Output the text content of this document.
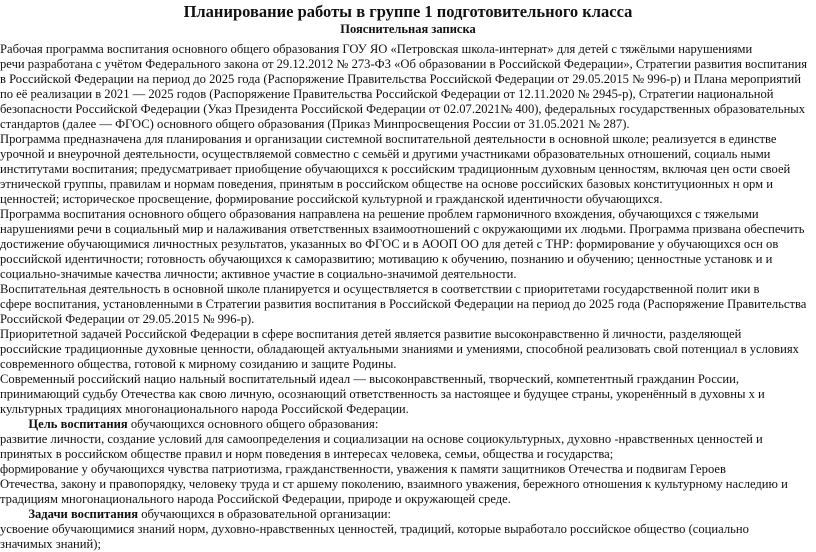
Планирование работы в группе 1 подготовительного класса
Пояснительная записка
Рабочая программа воспитания основного общего образования ГОУ ЯО «Петровская школа-интернат» для детей с тяжёлыми нарушениями
речи разработана с учётом Федерального закона от 29.12.2012 № 273-ФЗ «Об образовании в Российской Федерации», Стратегии развития воспитания
в Российской Федерации на период до 2025 года (Распоряжение Правительства Российской Федерации от 29.05.2015 № 996-р) и Плана мероприятий
по её реализации в 2021 — 2025 годов (Распоряжение Правительства Российской Федерации от 12.11.2020 № 2945-р), Стратегии национальной
безопасности Российской Федерации (Указ Президента Российской Федерации от 02.07.2021№ 400), федеральных государственных образовательных
стандартов (далее — ФГОС) основного общего образования (Приказ Минпросвещения России от 31.05.2021 № 287).
Программа предназначена для планирования и организации системной воспитательной деятельности в основной школе; реализуется в единстве
урочной и внеурочной деятельности, осуществляемой совместно с семьёй и другими участниками образовательных отношений, социаль ными
институтами воспитания; предусматривает приобщение обучающихся к российским традиционным духовным ценностям, включая цен ости своей
этнической группы, правилам и нормам поведения, принятым в российском обществе на основе российских базовых конституционных н орм и
ценностей; историческое просвещение, формирование российской культурной и гражданской идентичности обучающихся.
Программа воспитания основного общего образования направлена на решение проблем гармоничного вхождения, обучающихся с тяжелыми
нарушениями речи в социальный мир и налаживания ответственных взаимоотношений с окружающими их людьми. Программа призвана обеспечить
достижение обучающимися личностных результатов, указанных во ФГОС и в АООП ОО для детей с ТНР: формирование у обучающихся осн ов
российской идентичности; готовность обучающихся к саморазвитию; мотивацию к обучению, познанию и обучению; ценностные установк и и
социально-значимые качества личности; активное участие в социально-значимой деятельности.
Воспитательная деятельность в основной школе планируется и осуществляется в соответствии с приоритетами государственной полит ики в
сфере воспитания, установленными в Стратегии развития воспитания в Российской Федерации на период до 2025 года (Распоряжение Правительства
Российской Федерации от 29.05.2015 № 996-р).
Приоритетной задачей Российской Федерации в сфере воспитания детей является развитие высоконравственно й личности, разделяющей
российские традиционные духовные ценности, обладающей актуальными знаниями и умениями, способной реализовать свой потенциал в условиях
современного общества, готовой к мирному созиданию и защите Родины.
Современный российский нацио нальный воспитательный идеал — высоконравственный, творческий, компетентный гражданин России,
принимающий судьбу Отечества как свою личную, осознающий ответственность за настоящее и будущее страны, укоренённый в духовны х и
культурных традициях многонационального народа Российской Федерации.
Цель воспитания обучающихся основного общего образования:
развитие личности, создание условий для самоопределения и социализации на основе социокультурных, духовно -нравственных ценностей и
принятых в российском обществе правил и норм поведения в интересах человека, семьи, общества и государства;
формирование у обучающихся чувства патриотизма, гражданственности, уважения к памяти защитников Отечества и подвигам Героев
Отечества, закону и правопорядку, человеку труда и ст аршему поколению, взаимного уважения, бережного отношения к культурному наследию и
традициям многонационального народа Российской Федерации, природе и окружающей среде.
Задачи воспитания обучающихся в образовательной организации:
усвоение обучающимися знаний норм, духовно-нравственных ценностей, традиций, которые выработало российское общество (социально
значимых знаний);
